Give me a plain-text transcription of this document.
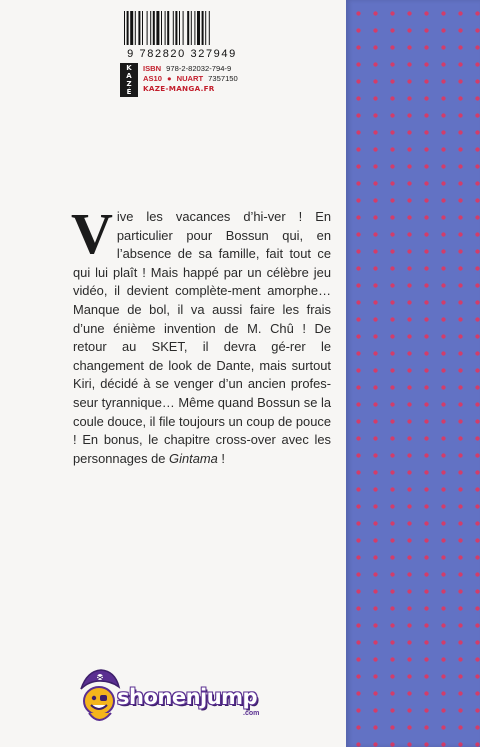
9 782820 327949
K
A
Z
É
ISBN 978-2-82032-794-9
AS10 ● NUART 7357150
KAZE-MANGA.FR
Vive les vacances d’hi-ver ! En particulier pour Bossun qui, en l’absence de sa famille, fait tout ce qui lui plaît ! Mais happé par un célèbre jeu vidéo, il devient complète-ment amorphe… Manque de bol, il va aussi faire les frais d’une énième invention de M. Chû ! De retour au SKET, il devra gé-rer le changement de look de Dante, mais surtout Kiri, décidé à se venger d’un ancien profes-seur tyrannique… Même quand Bossun se la coule douce, il file toujours un coup de pouce ! En bonus, le chapitre cross-over avec les personnages de Gintama !
shonenjump
.com
